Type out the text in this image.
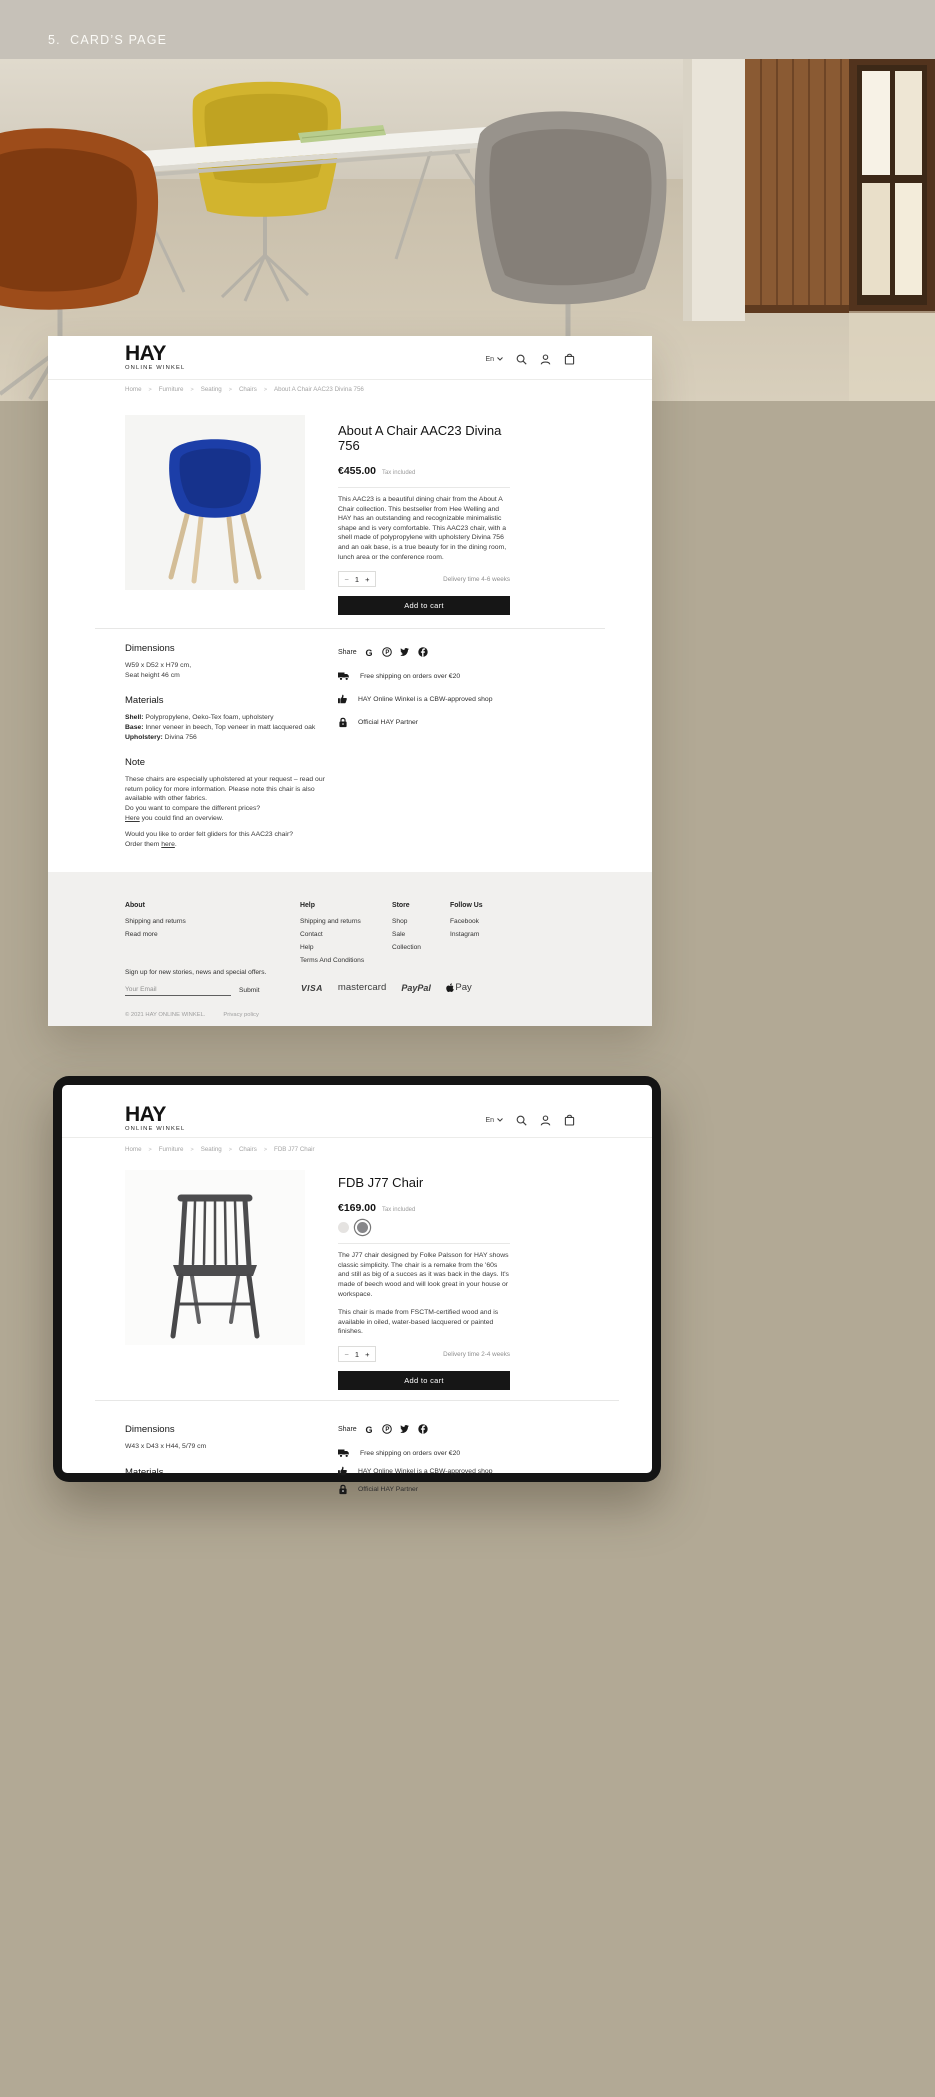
5.  CARD’S PAGE
HAY
ONLINE WINKEL
En
Home > Furniture > Seating > Chairs > About A Chair AAC23 Divina 756
About A Chair AAC23 Divina 756
€455.00 Tax included

This AAC23 is a beautiful dining chair from the About A Chair collection. This bestseller from Hee Welling and HAY has an outstanding and recognizable minimalistic shape and is very comfortable. This AAC23 chair, with a shell made of polypropylene with upholstery Divina 756 and an oak base, is a true beauty for in the dining room, lunch area or the conference room.

− 1 +	Delivery time 4-6 weeks
Add to cart
Dimensions

W59 x D52 x H79 cm,
Seat height 46 cm

Materials

Shell: Polypropylene, Oeko-Tex foam, upholstery
Base: Inner veneer in beech, Top veneer in matt lacquered oak
Upholstery: Divina 756

Note

These chairs are especially upholstered at your request – read our return policy for more information. Please note this chair is also available with other fabrics.
Do you want to compare the different prices?
Here you could find an overview.

Would you like to order felt gliders for this AAC23 chair?
Order them here.

Share G P
Free shipping on orders over €20
HAY Online Winkel is a CBW-approved shop
Official HAY Partner
About
Shipping and returns
Read more
Help
Shipping and returns
Contact
Help
Terms And Conditions
Store
Shop
Sale
Collection
Follow Us
Facebook
Instagram
Sign up for new stories, news and special offers.
Your Email
Submit	VISA mastercard PayPal	Pay
© 2021 HAY ONLINE WINKEL.	Privacy policy
HAY
ONLINE WINKEL
En
Home > Furniture > Seating > Chairs > FDB J77 Chair
FDB J77 Chair
€169.00 Tax included

The J77 chair designed by Folke Palsson for HAY shows classic simplicity. The chair is a remake from the '60s and still as big of a succes as it was back in the days. It's made of beech wood and will look great in your house or workspace.

This chair is made from FSCTM-certified wood and is available in oiled, water-based lacquered or painted finishes.

− 1 +	Delivery time 2-4 weeks
Add to cart
Dimensions

W43 x D43 x H44, 5/79 cm

Materials
Share G P
Free shipping on orders over €20
HAY Online Winkel is a CBW-approved shop
Official HAY Partner
